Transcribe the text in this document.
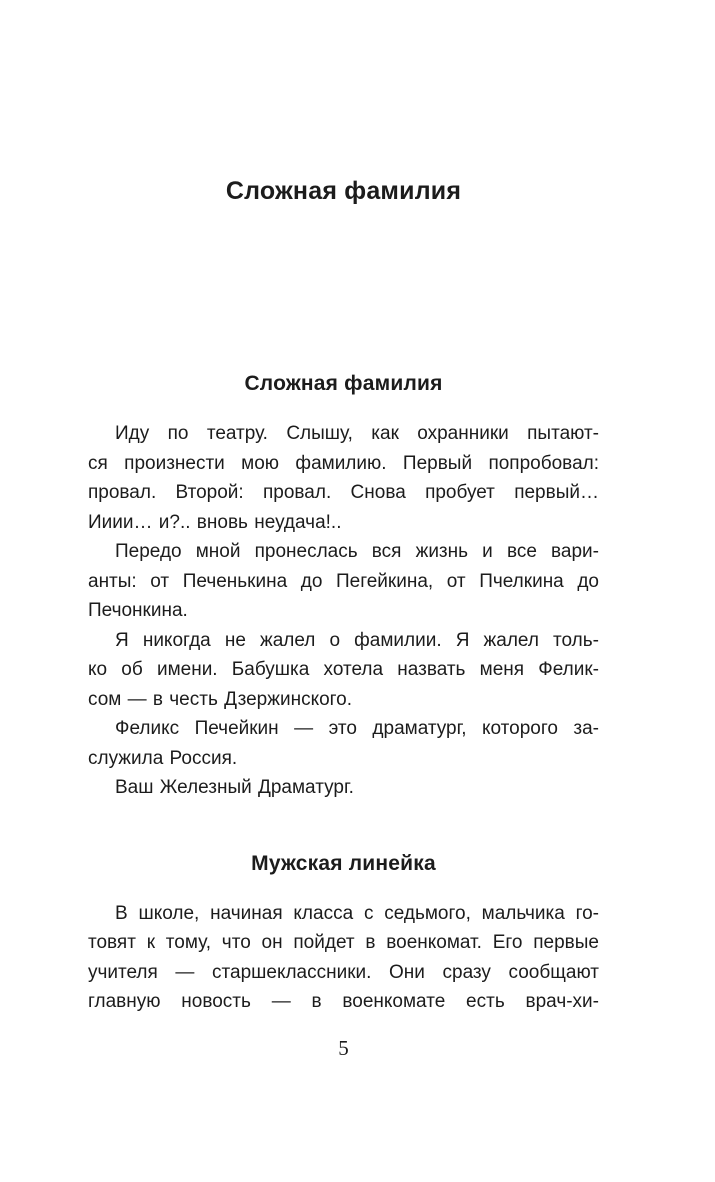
Сложная фамилия
Сложная фамилия
Иду по театру. Слышу, как охранники пытают-
ся произнести мою фамилию. Первый попробовал:
провал. Второй: провал. Снова пробует первый…
Ииии… и?.. вновь неудача!..
Передо мной пронеслась вся жизнь и все вари-
анты: от Печенькина до Пегейкина, от Пчелкина до
Печонкина.
Я никогда не жалел о фамилии. Я жалел толь-
ко об имени. Бабушка хотела назвать меня Фелик-
сом — в честь Дзержинского.
Феликс Печейкин — это драматург, которого за-
служила Россия.
Ваш Железный Драматург.
Мужская линейка
В школе, начиная класса с седьмого, мальчика го-
товят к тому, что он пойдет в военкомат. Его первые
учителя — старшеклассники. Они сразу сообщают
главную новость — в военкомате есть врач-хи-
5
